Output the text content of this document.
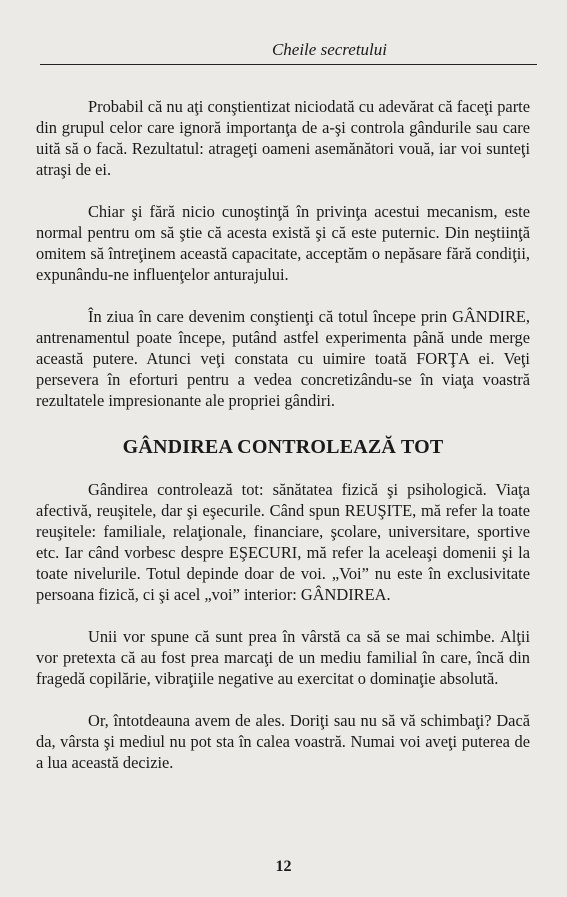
Cheile secretului

Probabil că nu aţi conştientizat niciodată cu adevărat că faceţi parte din grupul celor care ignoră importanţa de a-şi controla gândurile sau care uită să o facă. Rezultatul: atrageţi oameni asemănători vouă, iar voi sunteţi atraşi de ei.

Chiar şi fără nicio cunoştinţă în privinţa acestui mecanism, este normal pentru om să ştie că acesta există şi că este puternic. Din neştiinţă omitem să întreţinem această capacitate, acceptăm o nepăsare fără condiţii, expunându-ne influenţelor anturajului.

În ziua în care devenim conştienţi că totul începe prin GÂNDIRE, antrenamentul poate începe, putând astfel experimenta până unde merge această putere. Atunci veţi constata cu uimire toată FORŢA ei. Veţi persevera în eforturi pentru a vedea concretizându-se în viaţa voastră rezultatele impresionante ale propriei gândiri.

GÂNDIREA CONTROLEAZĂ TOT

Gândirea controlează tot: sănătatea fizică şi psihologică. Viaţa afectivă, reuşitele, dar şi eşecurile. Când spun REUŞITE, mă refer la toate reuşitele: familiale, relaţionale, financiare, şcolare, universitare, sportive etc. Iar când vorbesc despre EŞECURI, mă refer la aceleaşi domenii şi la toate nivelurile. Totul depinde doar de voi. „Voi” nu este în exclusivitate persoana fizică, ci şi acel „voi” interior: GÂNDIREA.

Unii vor spune că sunt prea în vârstă ca să se mai schimbe. Alţii vor pretexta că au fost prea marcaţi de un mediu familial în care, încă din fragedă copilărie, vibraţiile negative au exercitat o dominaţie absolută.

Or, întotdeauna avem de ales. Doriţi sau nu să vă schimbaţi? Dacă da, vârsta şi mediul nu pot sta în calea voastră. Numai voi aveţi puterea de a lua această decizie.

12
